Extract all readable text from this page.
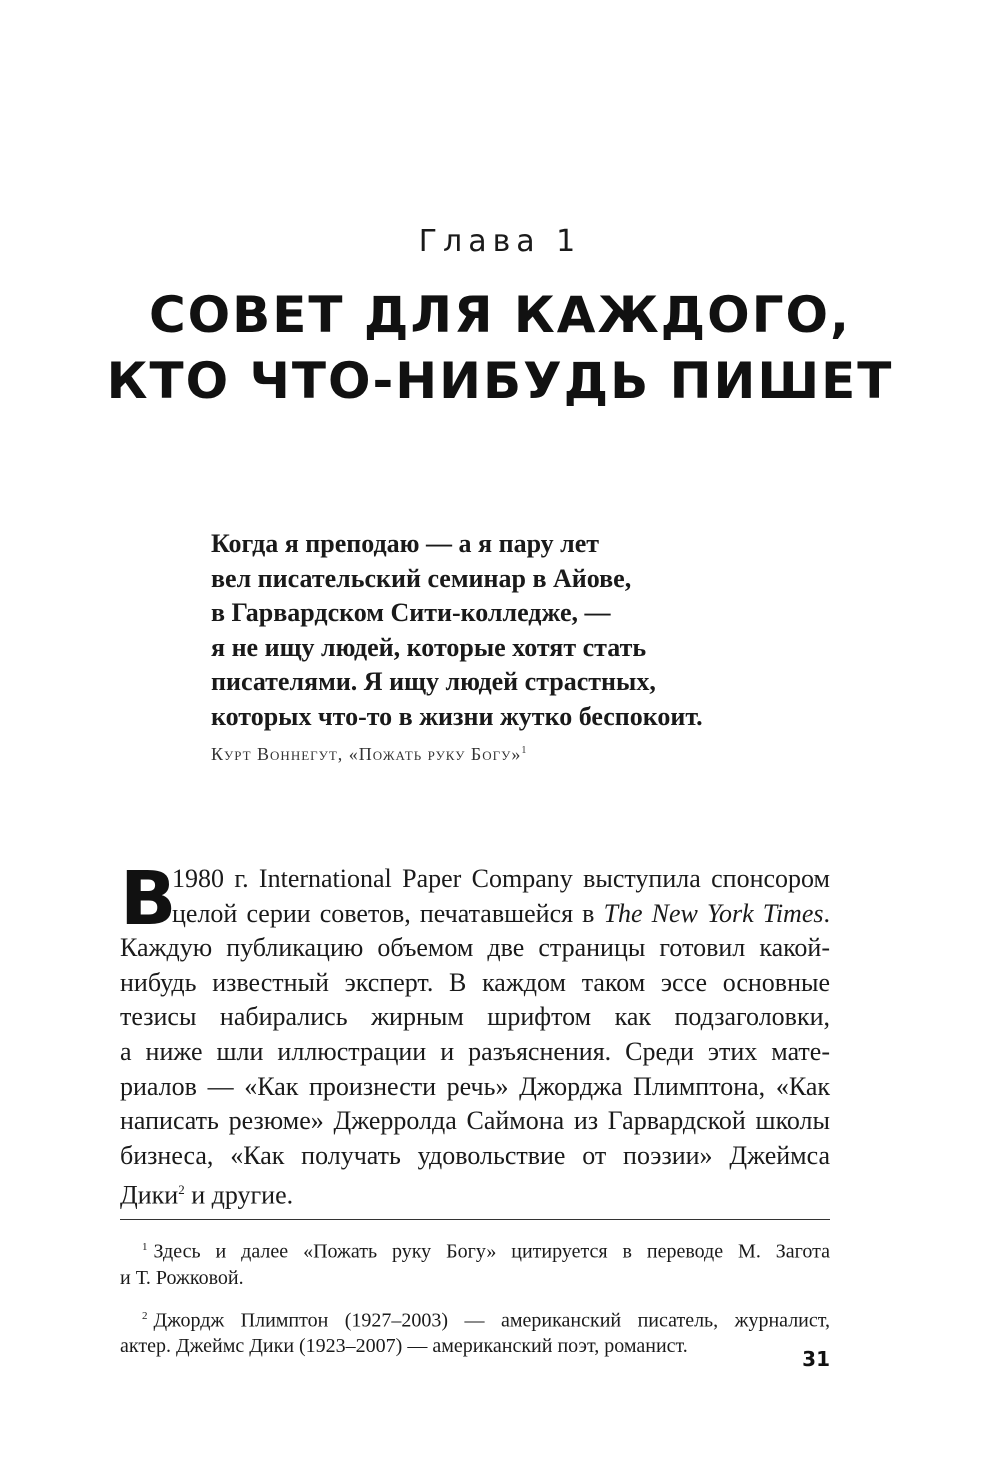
Глава 1
СОВЕТ ДЛЯ КАЖДОГО,
КТО ЧТО-НИБУДЬ ПИШЕТ
Когда я преподаю — а я пару лет
вел писательский семинар в Айове,
в Гарвардском Сити-колледже, —
я не ищу людей, которые хотят стать
писателями. Я ищу людей страстных,
которых что-то в жизни жутко беспокоит.
Курт Воннегут, «Пожать руку Богу»$^1$
В
1980 г. International Paper Company выступила спонсором
целой серии советов, печатавшейся в The New York Times.
Каждую публикацию объемом две страницы готовил какой-
нибудь известный эксперт. В каждом таком эссе основные
тезисы набирались жирным шрифтом как подзаголовки,
а ниже шли иллюстрации и разъяснения. Среди этих мате-
риалов — «Как произнести речь» Джорджа Плимптона, «Как
написать резюме» Джерролда Саймона из Гарвардской школы
бизнеса, «Как получать удовольствие от поэзии» Джеймса
Дики$^2$ и другие.
$^1$ Здесь и далее «Пожать руку Богу» цитируется в переводе М. Загота
и Т. Рожковой.
$^2$ Джордж Плимптон (1927–2003) — американский писатель, журналист,
актер. Джеймс Дики (1923–2007) — американский поэт, романист.
31
